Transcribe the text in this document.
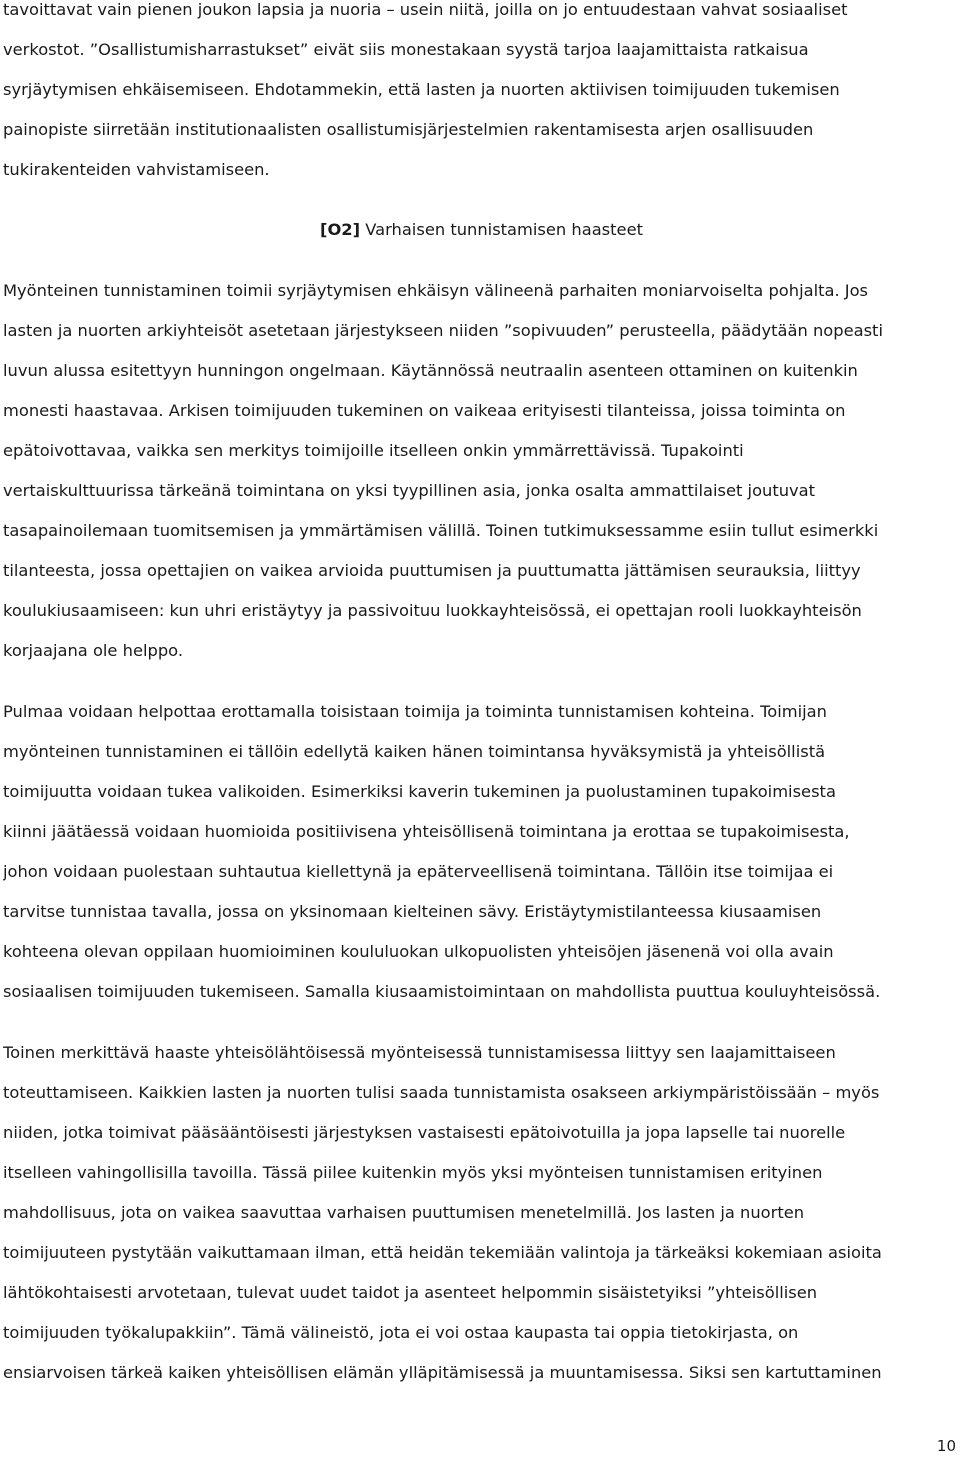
tavoittavat vain pienen joukon lapsia ja nuoria – usein niitä, joilla on jo entuudestaan vahvat sosiaaliset
verkostot. ”Osallistumisharrastukset” eivät siis monestakaan syystä tarjoa laajamittaista ratkaisua
syrjäytymisen ehkäisemiseen. Ehdotammekin, että lasten ja nuorten aktiivisen toimijuuden tukemisen
painopiste siirretään institutionaalisten osallistumisjärjestelmien rakentamisesta arjen osallisuuden
tukirakenteiden vahvistamiseen.
[O2] Varhaisen tunnistamisen haasteet
Myönteinen tunnistaminen toimii syrjäytymisen ehkäisyn välineenä parhaiten moniarvoiselta pohjalta. Jos
lasten ja nuorten arkiyhteisöt asetetaan järjestykseen niiden ”sopivuuden” perusteella, päädytään nopeasti
luvun alussa esitettyyn hunningon ongelmaan. Käytännössä neutraalin asenteen ottaminen on kuitenkin
monesti haastavaa. Arkisen toimijuuden tukeminen on vaikeaa erityisesti tilanteissa, joissa toiminta on
epätoivottavaa, vaikka sen merkitys toimijoille itselleen onkin ymmärrettävissä. Tupakointi
vertaiskulttuurissa tärkeänä toimintana on yksi tyypillinen asia, jonka osalta ammattilaiset joutuvat
tasapainoilemaan tuomitsemisen ja ymmärtämisen välillä. Toinen tutkimuksessamme esiin tullut esimerkki
tilanteesta, jossa opettajien on vaikea arvioida puuttumisen ja puuttumatta jättämisen seurauksia, liittyy
koulukiusaamiseen: kun uhri eristäytyy ja passivoituu luokkayhteisössä, ei opettajan rooli luokkayhteisön
korjaajana ole helppo.
Pulmaa voidaan helpottaa erottamalla toisistaan toimija ja toiminta tunnistamisen kohteina. Toimijan
myönteinen tunnistaminen ei tällöin edellytä kaiken hänen toimintansa hyväksymistä ja yhteisöllistä
toimijuutta voidaan tukea valikoiden. Esimerkiksi kaverin tukeminen ja puolustaminen tupakoimisesta
kiinni jäätäessä voidaan huomioida positiivisena yhteisöllisenä toimintana ja erottaa se tupakoimisesta,
johon voidaan puolestaan suhtautua kiellettynä ja epäterveellisenä toimintana. Tällöin itse toimijaa ei
tarvitse tunnistaa tavalla, jossa on yksinomaan kielteinen sävy. Eristäytymistilanteessa kiusaamisen
kohteena olevan oppilaan huomioiminen koululuokan ulkopuolisten yhteisöjen jäsenenä voi olla avain
sosiaalisen toimijuuden tukemiseen. Samalla kiusaamistoimintaan on mahdollista puuttua kouluyhteisössä.
Toinen merkittävä haaste yhteisölähtöisessä myönteisessä tunnistamisessa liittyy sen laajamittaiseen
toteuttamiseen. Kaikkien lasten ja nuorten tulisi saada tunnistamista osakseen arkiympäristöissään – myös
niiden, jotka toimivat pääsääntöisesti järjestyksen vastaisesti epätoivotuilla ja jopa lapselle tai nuorelle
itselleen vahingollisilla tavoilla. Tässä piilee kuitenkin myös yksi myönteisen tunnistamisen erityinen
mahdollisuus, jota on vaikea saavuttaa varhaisen puuttumisen menetelmillä. Jos lasten ja nuorten
toimijuuteen pystytään vaikuttamaan ilman, että heidän tekemiään valintoja ja tärkeäksi kokemiaan asioita
lähtökohtaisesti arvotetaan, tulevat uudet taidot ja asenteet helpommin sisäistetyiksi ”yhteisöllisen
toimijuuden työkalupakkiin”. Tämä välineistö, jota ei voi ostaa kaupasta tai oppia tietokirjasta, on
ensiarvoisen tärkeä kaiken yhteisöllisen elämän ylläpitämisessä ja muuntamisessa. Siksi sen kartuttaminen
10
